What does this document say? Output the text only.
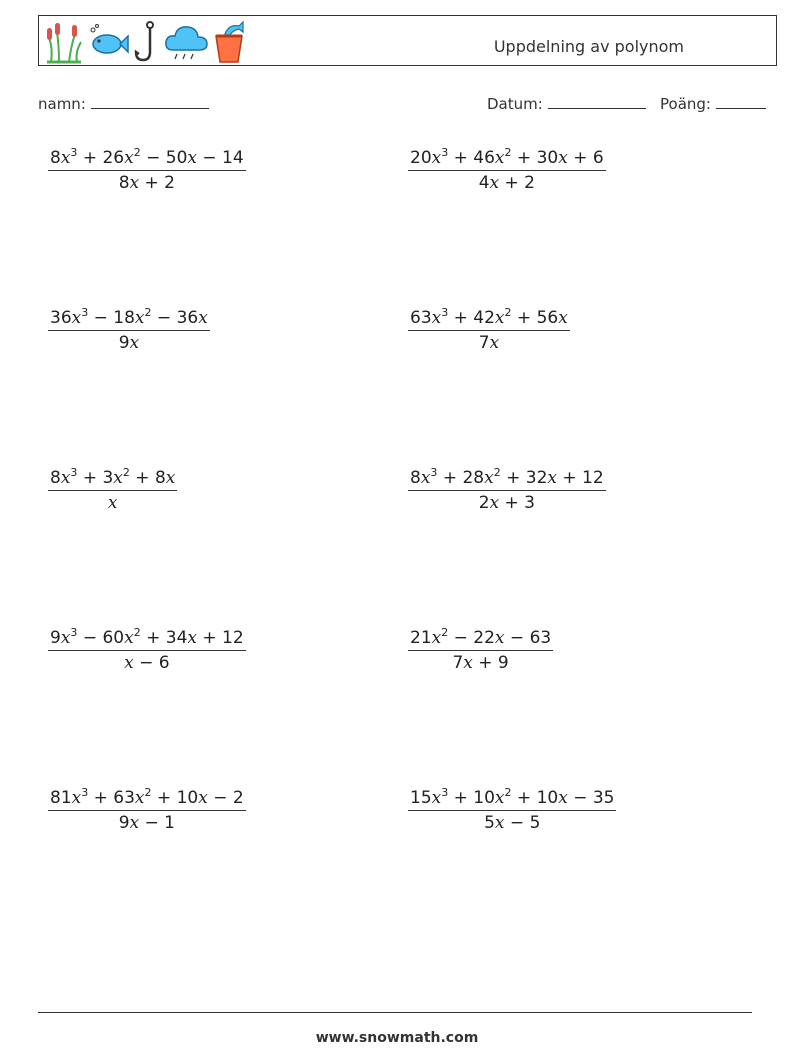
Uppdelning av polynom
namn:	Datum:	Poäng:
$\frac{8x^3 + 26x^2 - 50x - 14}{8x + 2}$	$\frac{20x^3 + 46x^2 + 30x + 6}{4x + 2}$
$\frac{36x^3 - 18x^2 - 36x}{9x}$	$\frac{63x^3 + 42x^2 + 56x}{7x}$
$\frac{8x^3 + 3x^2 + 8x}{x}$	$\frac{8x^3 + 28x^2 + 32x + 12}{2x + 3}$
$\frac{9x^3 - 60x^2 + 34x + 12}{x - 6}$	$\frac{21x^2 - 22x - 63}{7x + 9}$
$\frac{81x^3 + 63x^2 + 10x - 2}{9x - 1}$	$\frac{15x^3 + 10x^2 + 10x - 35}{5x - 5}$
www.snowmath.com
